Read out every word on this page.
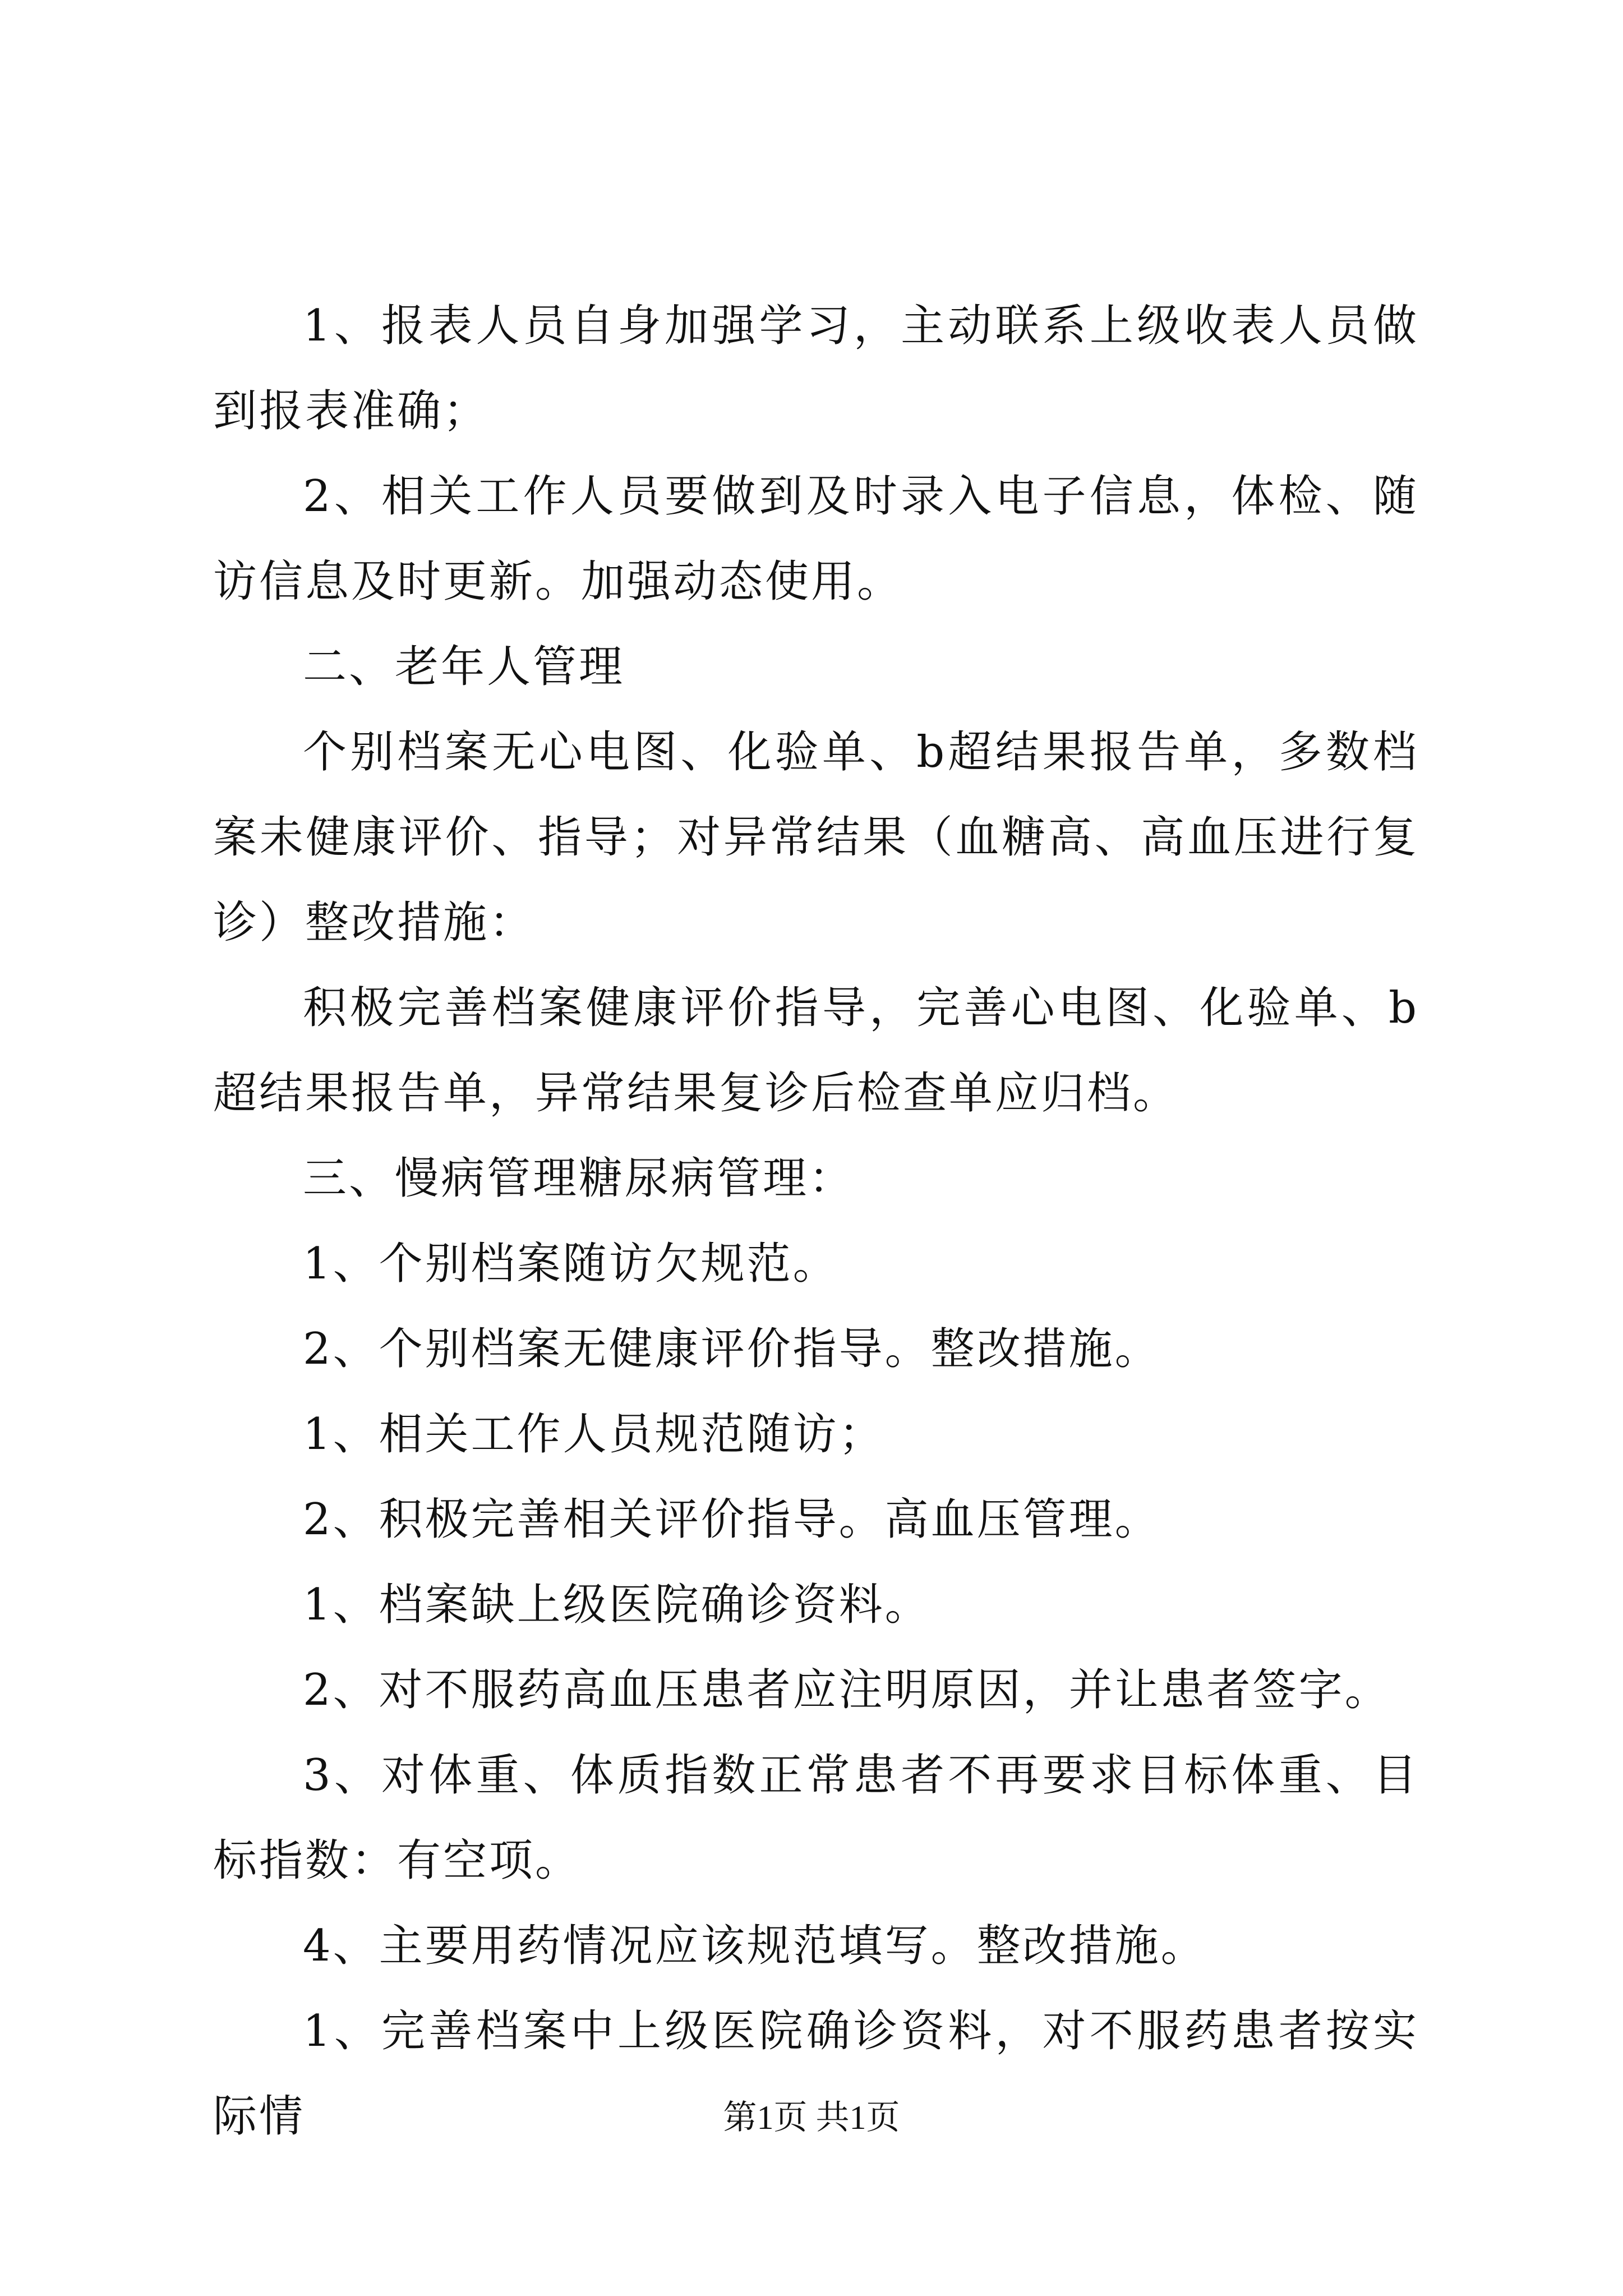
1、报表人员自身加强学习，主动联系上级收表人员做到报表准确；

2、相关工作人员要做到及时录入电子信息，体检、随访信息及时更新。加强动态使用。

二、老年人管理

个别档案无心电图、化验单、b超结果报告单，多数档案未健康评价、指导；对异常结果（血糖高、高血压进行复诊）整改措施：

积极完善档案健康评价指导，完善心电图、化验单、b超结果报告单，异常结果复诊后检查单应归档。

三、慢病管理糖尿病管理：

1、个别档案随访欠规范。

2、个别档案无健康评价指导。整改措施。

1、相关工作人员规范随访；

2、积极完善相关评价指导。高血压管理。

1、档案缺上级医院确诊资料。

2、对不服药高血压患者应注明原因，并让患者签字。

3、对体重、体质指数正常患者不再要求目标体重、目标指数：有空项。

4、主要用药情况应该规范填写。整改措施。

1、完善档案中上级医院确诊资料，对不服药患者按实际情	第1页 共1页
